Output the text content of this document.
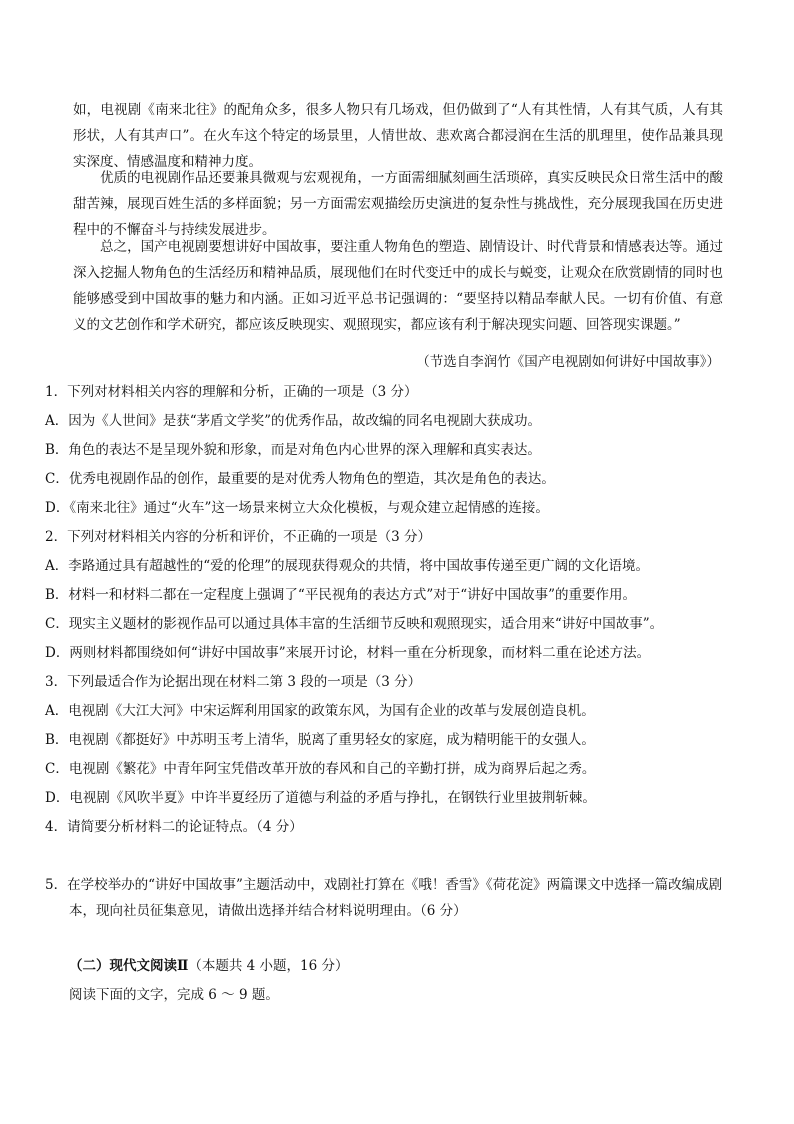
如，电视剧《南来北往》的配角众多，很多人物只有几场戏，但仍做到了“人有其性情，人有其气质，人有其形状，人有其声口”。在火车这个特定的场景里，人情世故、悲欢离合都浸润在生活的肌理里，使作品兼具现实深度、情感温度和精神力度。

优质的电视剧作品还要兼具微观与宏观视角，一方面需细腻刻画生活琐碎，真实反映民众日常生活中的酸甜苦辣，展现百姓生活的多样面貌；另一方面需宏观描绘历史演进的复杂性与挑战性，充分展现我国在历史进程中的不懈奋斗与持续发展进步。

总之，国产电视剧要想讲好中国故事，要注重人物角色的塑造、剧情设计、时代背景和情感表达等。通过深入挖掘人物角色的生活经历和精神品质，展现他们在时代变迁中的成长与蜕变，让观众在欣赏剧情的同时也能够感受到中国故事的魅力和内涵。正如习近平总书记强调的：“要坚持以精品奉献人民。一切有价值、有意义的文艺创作和学术研究，都应该反映现实、观照现实，都应该有利于解决现实问题、回答现实课题。”

（节选自李润竹《国产电视剧如何讲好中国故事》）
1．下列对材料相关内容的理解和分析，正确的一项是（3 分）
A．因为《人世间》是获“茅盾文学奖”的优秀作品，故改编的同名电视剧大获成功。
B．角色的表达不是呈现外貌和形象，而是对角色内心世界的深入理解和真实表达。
C．优秀电视剧作品的创作，最重要的是对优秀人物角色的塑造，其次是角色的表达。
D．《南来北往》通过“火车”这一场景来树立大众化模板，与观众建立起情感的连接。
2．下列对材料相关内容的分析和评价，不正确的一项是（3 分）
A．李路通过具有超越性的“爱的伦理”的展现获得观众的共情，将中国故事传递至更广阔的文化语境。
B．材料一和材料二都在一定程度上强调了“平民视角的表达方式”对于“讲好中国故事”的重要作用。
C．现实主义题材的影视作品可以通过具体丰富的生活细节反映和观照现实，适合用来“讲好中国故事”。
D．两则材料都围绕如何“讲好中国故事”来展开讨论，材料一重在分析现象，而材料二重在论述方法。
3．下列最适合作为论据出现在材料二第 3 段的一项是（3 分）
A．电视剧《大江大河》中宋运辉利用国家的政策东风，为国有企业的改革与发展创造良机。
B．电视剧《都挺好》中苏明玉考上清华，脱离了重男轻女的家庭，成为精明能干的女强人。
C．电视剧《繁花》中青年阿宝凭借改革开放的春风和自己的辛勤打拼，成为商界后起之秀。
D．电视剧《风吹半夏》中许半夏经历了道德与利益的矛盾与挣扎，在钢铁行业里披荆斩棘。
4．请简要分析材料二的论证特点。（4 分）
5．在学校举办的“讲好中国故事”主题活动中，戏剧社打算在《哦！香雪》《荷花淀》两篇课文中选择一篇改编成剧本，现向社员征集意见，请做出选择并结合材料说明理由。（6 分）
（二）现代文阅读Ⅱ（本题共 4 小题，16 分）
阅读下面的文字，完成 6 ～ 9 题。
